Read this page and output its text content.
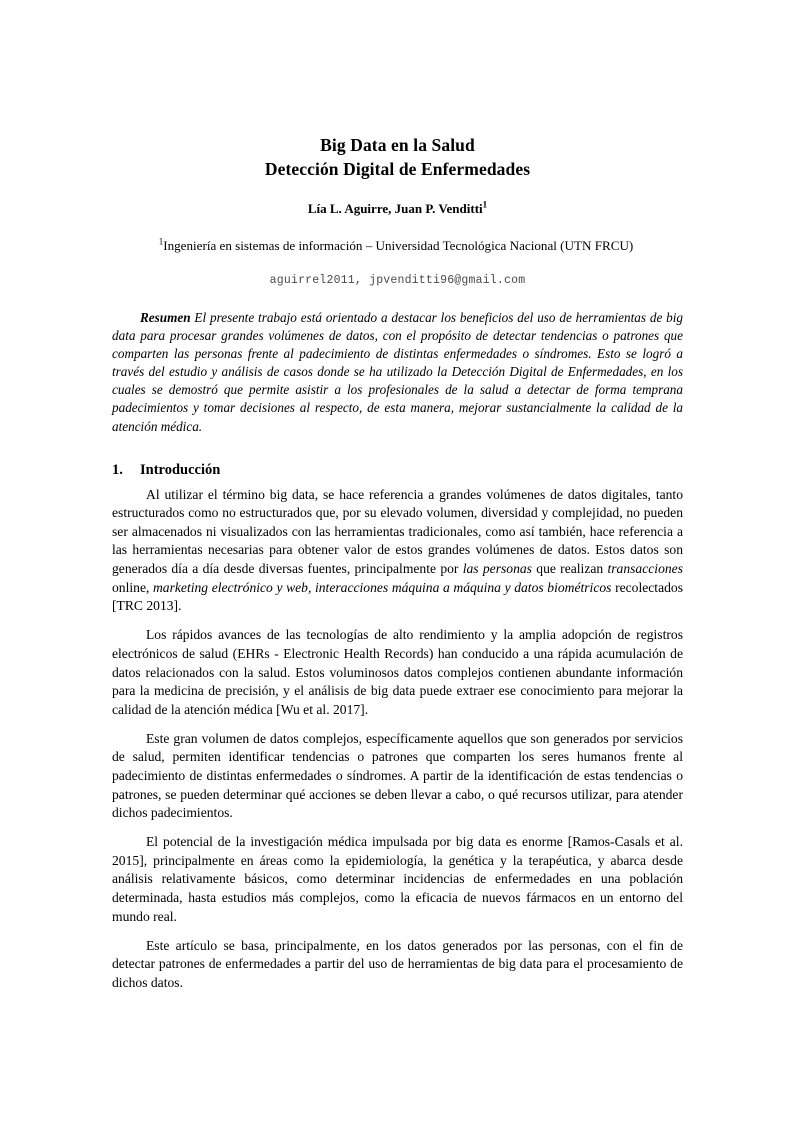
Big Data en la Salud
Detección Digital de Enfermedades
Lía L. Aguirre, Juan P. Venditti$^1$
$^1$Ingeniería en sistemas de información – Universidad Tecnológica Nacional (UTN FRCU)
aguirrel2011, jpvenditti96@gmail.com
Resumen El presente trabajo está orientado a destacar los beneficios del uso de herramientas de big data para procesar grandes volúmenes de datos, con el propósito de detectar tendencias o patrones que comparten las personas frente al padecimiento de distintas enfermedades o síndromes. Esto se logró a través del estudio y análisis de casos donde se ha utilizado la Detección Digital de Enfermedades, en los cuales se demostró que permite asistir a los profesionales de la salud a detectar de forma temprana padecimientos y tomar decisiones al respecto, de esta manera, mejorar sustancialmente la calidad de la atención médica.
1. Introducción

Al utilizar el término big data, se hace referencia a grandes volúmenes de datos digitales, tanto estructurados como no estructurados que, por su elevado volumen, diversidad y complejidad, no pueden ser almacenados ni visualizados con las herramientas tradicionales, como así también, hace referencia a las herramientas necesarias para obtener valor de estos grandes volúmenes de datos. Estos datos son generados día a día desde diversas fuentes, principalmente por las personas que realizan transacciones online, marketing electrónico y web, interacciones máquina a máquina y datos biométricos recolectados [TRC 2013].

Los rápidos avances de las tecnologías de alto rendimiento y la amplia adopción de registros electrónicos de salud (EHRs - Electronic Health Records) han conducido a una rápida acumulación de datos relacionados con la salud. Estos voluminosos datos complejos contienen abundante información para la medicina de precisión, y el análisis de big data puede extraer ese conocimiento para mejorar la calidad de la atención médica [Wu et al. 2017].

Este gran volumen de datos complejos, específicamente aquellos que son generados por servicios de salud, permiten identificar tendencias o patrones que comparten los seres humanos frente al padecimiento de distintas enfermedades o síndromes. A partir de la identificación de estas tendencias o patrones, se pueden determinar qué acciones se deben llevar a cabo, o qué recursos utilizar, para atender dichos padecimientos.

El potencial de la investigación médica impulsada por big data es enorme [Ramos-Casals et al. 2015], principalmente en áreas como la epidemiología, la genética y la terapéutica, y abarca desde análisis relativamente básicos, como determinar incidencias de enfermedades en una población determinada, hasta estudios más complejos, como la eficacia de nuevos fármacos en un entorno del mundo real.

Este artículo se basa, principalmente, en los datos generados por las personas, con el fin de detectar patrones de enfermedades a partir del uso de herramientas de big data para el procesamiento de dichos datos.
